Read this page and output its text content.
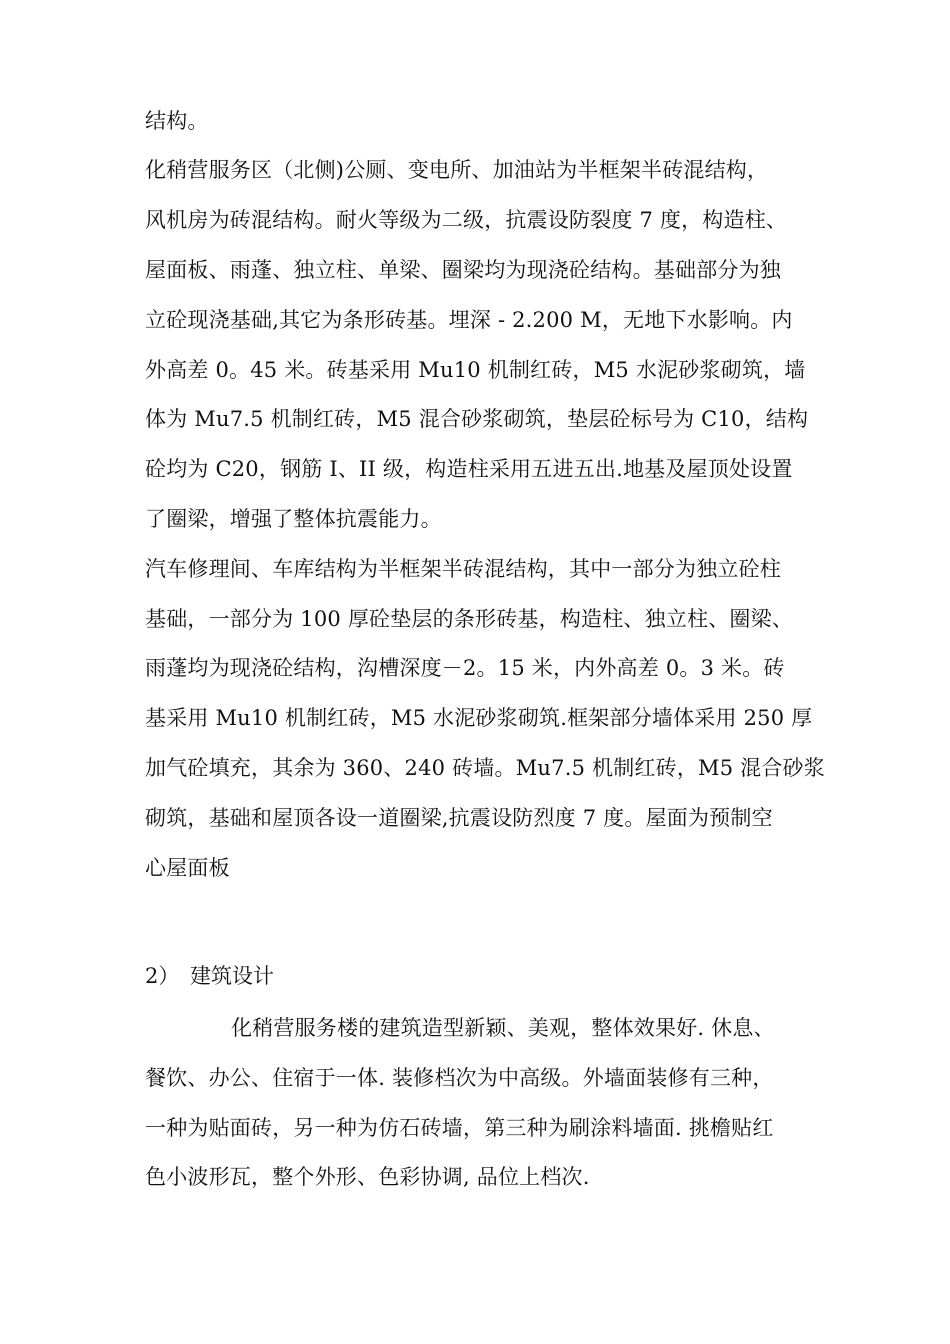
结构。
化稍营服务区（北侧)公厕、变电所、加油站为半框架半砖混结构，
风机房为砖混结构。耐火等级为二级，抗震设防裂度 7 度，构造柱、
屋面板、雨蓬、独立柱、单梁、圈梁均为现浇砼结构。基础部分为独
立砼现浇基础,其它为条形砖基。埋深 - 2.200 M，无地下水影响。内
外高差 0。45 米。砖基采用 Mu10 机制红砖，M5 水泥砂浆砌筑，墙
体为 Mu7.5 机制红砖，M5 混合砂浆砌筑，垫层砼标号为 C10，结构
砼均为 C20，钢筋 I、II 级，构造柱采用五进五出.地基及屋顶处设置
了圈梁，增强了整体抗震能力。
汽车修理间、车库结构为半框架半砖混结构，其中一部分为独立砼柱
基础，一部分为 100 厚砼垫层的条形砖基，构造柱、独立柱、圈梁、
雨蓬均为现浇砼结构，沟槽深度－2。15 米，内外高差 0。3 米。砖
基采用 Mu10 机制红砖，M5 水泥砂浆砌筑.框架部分墙体采用 250 厚
加气砼填充，其余为 360、240 砖墙。Mu7.5 机制红砖，M5 混合砂浆
砌筑，基础和屋顶各设一道圈梁,抗震设防烈度 7 度。屋面为预制空
心屋面板
2） 建筑设计
化稍营服务楼的建筑造型新颖、美观，整体效果好. 休息、
餐饮、办公、住宿于一体. 装修档次为中高级。外墙面装修有三种，
一种为贴面砖，另一种为仿石砖墙，第三种为刷涂料墙面. 挑檐贴红
色小波形瓦，整个外形、色彩协调, 品位上档次.
